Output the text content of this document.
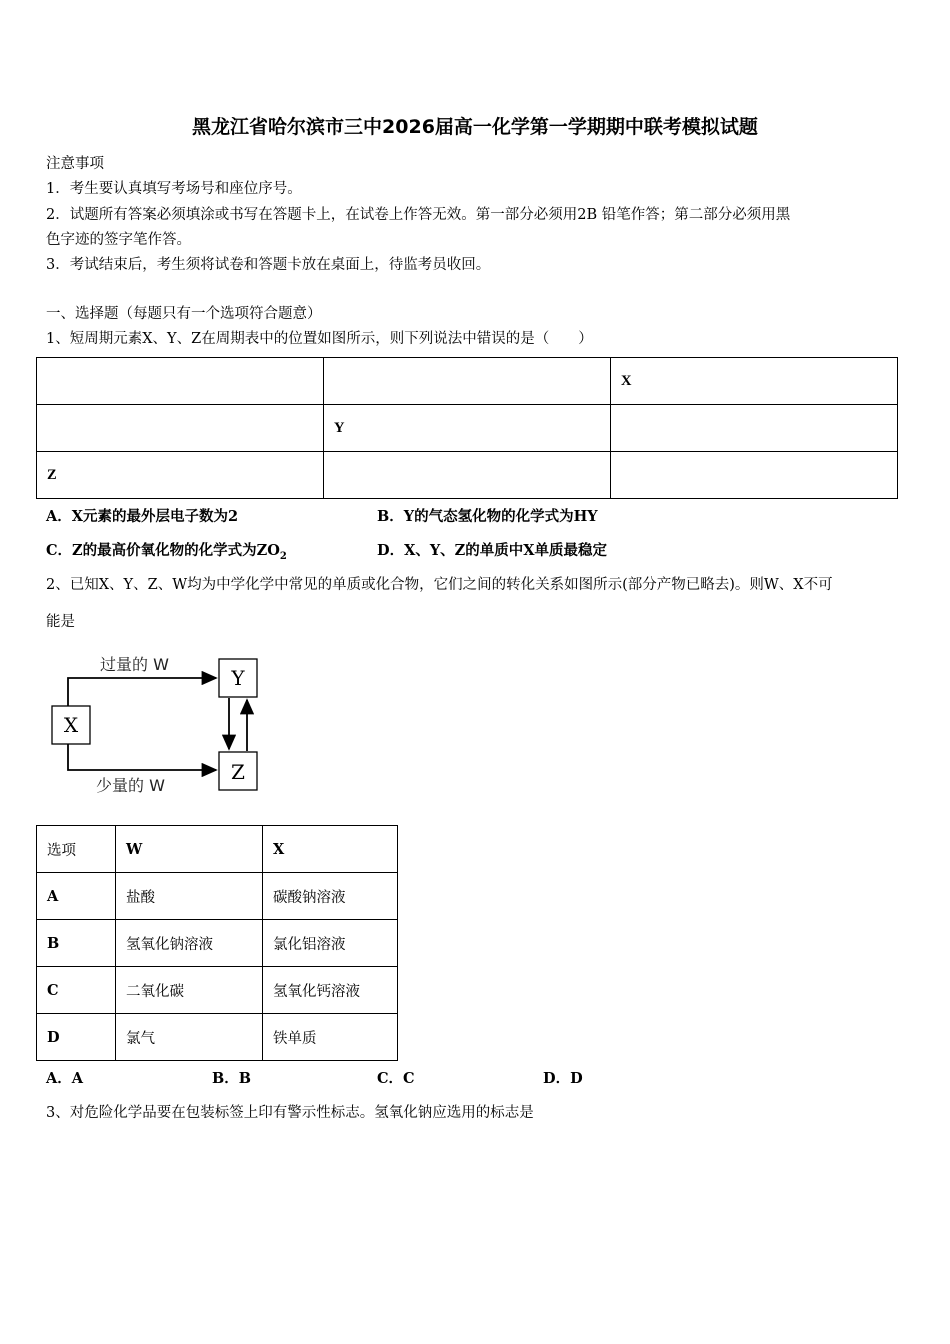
黑龙江省哈尔滨市三中2026届高一化学第一学期期中联考模拟试题
注意事项
1．考生要认真填写考场号和座位序号。
2．试题所有答案必须填涂或书写在答题卡上，在试卷上作答无效。第一部分必须用2B 铅笔作答；第二部分必须用黑
色字迹的签字笔作答。
3．考试结束后，考生须将试卷和答题卡放在桌面上，待监考员收回。
一、选择题（每题只有一个选项符合题意）
1、短周期元素X、Y、Z在周期表中的位置如图所示，则下列说法中错误的是（　　）
		X
	Y	
Z		
A．X元素的最外层电子数为2	B．Y的气态氢化物的化学式为HY
C．Z的最高价氧化物的化学式为$ZO_2$	D．X、Y、Z的单质中X单质最稳定
2、已知X、Y、Z、W均为中学化学中常见的单质或化合物，它们之间的转化关系如图所示(部分产物已略去)。则W、X不可
能是
X
Y
Z
过量的 W
少量的 W
选项	W	X
A	盐酸	碳酸钠溶液
B	氢氧化钠溶液	氯化铝溶液
C	二氧化碳	氢氧化钙溶液
D	氯气	铁单质
A．A	B．B	C．C	D．D
3、对危险化学品要在包装标签上印有警示性标志。氢氧化钠应选用的标志是
